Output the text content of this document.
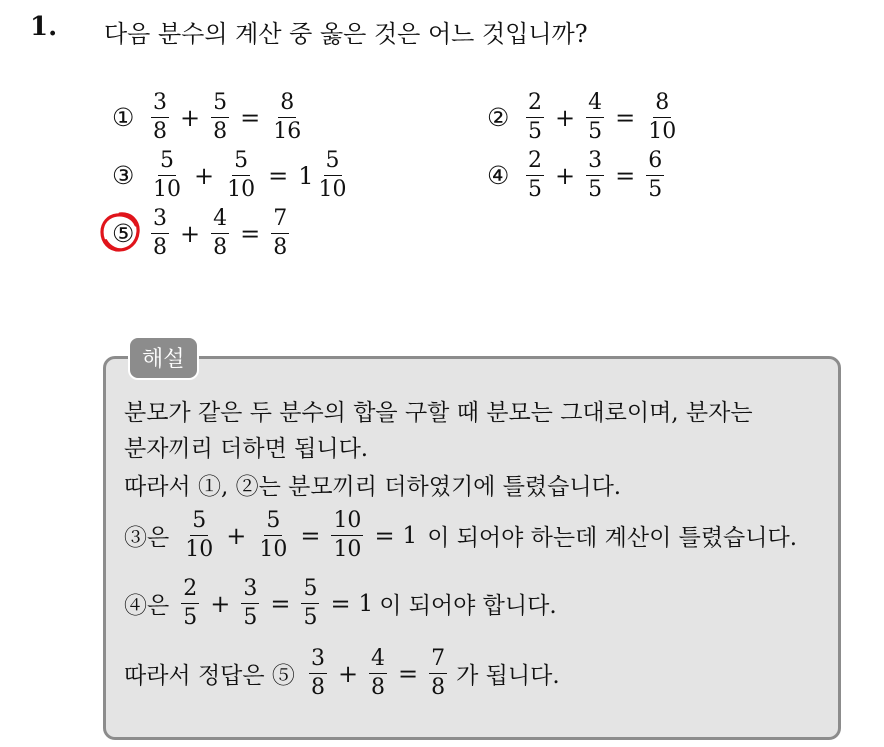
1. 다음 분수의 계산 중 옳은 것은 어느 것입니까?
① $\frac{3}{8} + \frac{5}{8} = \frac{8}{16}$	② $\frac{2}{5} + \frac{4}{5} = \frac{8}{10}$
③ $\frac{5}{10} + \frac{5}{10} = 1 \frac{5}{10}$	④ $\frac{2}{5} + \frac{3}{5} = \frac{6}{5}$
⑤ $\frac{3}{8} + \frac{4}{8} = \frac{7}{8}$
해설
분모가 같은 두 분수의 합을 구할 때 분모는 그대로이며, 분자는
분자끼리 더하면 됩니다.
따라서 ①, ②는 분모끼리 더하였기에 틀렸습니다.
③은 $\frac{5}{10} + \frac{5}{10} = \frac{10}{10} = 1$ 이 되어야 하는데 계산이 틀렸습니다.
④은 $\frac{2}{5} + \frac{3}{5} = \frac{5}{5} = 1$ 이 되어야 합니다.
따라서 정답은 ⑤ $\frac{3}{8} + \frac{4}{8} = \frac{7}{8}$ 가 됩니다.
